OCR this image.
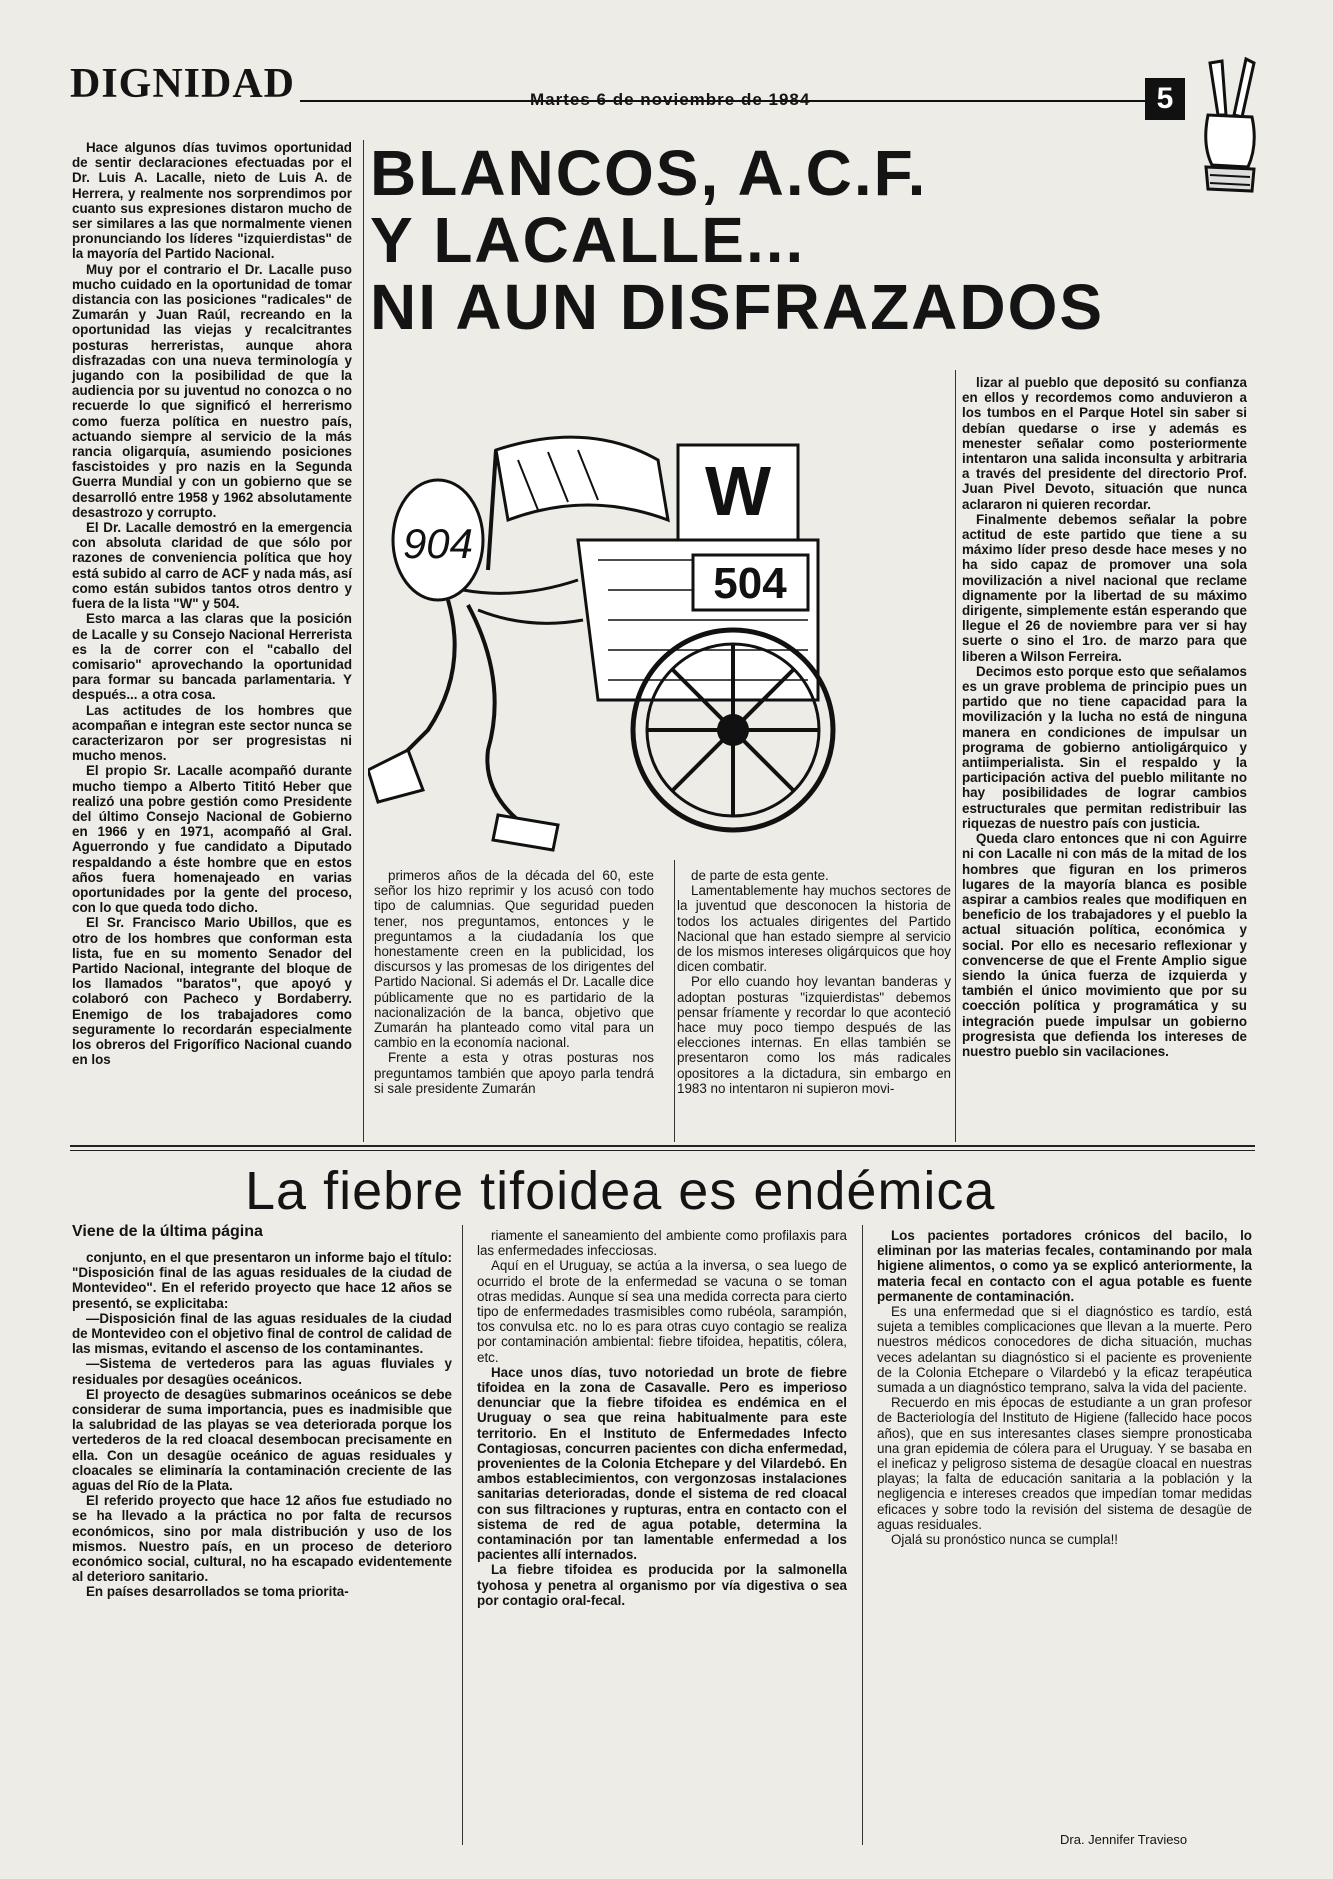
DIGNIDAD	Martes 6 de noviembre de 1984	5

Hace algunos días tuvimos oportunidad de sentir declaraciones efectuadas por el Dr. Luis A. Lacalle, nieto de Luis A. de Herrera, y realmente nos sorprendimos por cuanto sus expresiones distaron mucho de ser similares a las que normalmente vienen pronunciando los líderes "izquierdistas" de la mayoría del Partido Nacional.

Muy por el contrario el Dr. Lacalle puso mucho cuidado en la oportunidad de tomar distancia con las posiciones "radicales" de Zumarán y Juan Raúl, recreando en la oportunidad las viejas y recalcitrantes posturas herreristas, aunque ahora disfrazadas con una nueva terminología y jugando con la posibilidad de que la audiencia por su juventud no conozca o no recuerde lo que significó el herrerismo como fuerza política en nuestro país, actuando siempre al servicio de la más rancia oligarquía, asumiendo posiciones fascistoides y pro nazis en la Segunda Guerra Mundial y con un gobierno que se desarrolló entre 1958 y 1962 absolutamente desastrozo y corrupto.

El Dr. Lacalle demostró en la emergencia con absoluta claridad de que sólo por razones de conveniencia política que hoy está subido al carro de ACF y nada más, así como están subidos tantos otros dentro y fuera de la lista "W" y 504.

Esto marca a las claras que la posición de Lacalle y su Consejo Nacional Herrerista es la de correr con el "caballo del comisario" aprovechando la oportunidad para formar su bancada parlamentaria. Y después... a otra cosa.

Las actitudes de los hombres que acompañan e integran este sector nunca se caracterizaron por ser progresistas ni mucho menos.

El propio Sr. Lacalle acompañó durante mucho tiempo a Alberto Tititó Heber que realizó una pobre gestión como Presidente del último Consejo Nacional de Gobierno en 1966 y en 1971, acompañó al Gral. Aguerrondo y fue candidato a Diputado respaldando a éste hombre que en estos años fuera homenajeado en varias oportunidades por la gente del proceso, con lo que queda todo dicho.

El Sr. Francisco Mario Ubillos, que es otro de los hombres que conforman esta lista, fue en su momento Senador del Partido Nacional, integrante del bloque de los llamados "baratos", que apoyó y colaboró con Pacheco y Bordaberry. Enemigo de los trabajadores como seguramente lo recordarán especialmente los obreros del Frigorífico Nacional cuando en los

BLANCOS, A.C.F.
Y LACALLE...
NI AUN DISFRAZADOS
W
504
904

primeros años de la década del 60, este señor los hizo reprimir y los acusó con todo tipo de calumnias. Que seguridad pueden tener, nos preguntamos, entonces y le preguntamos a la ciudadanía los que honestamente creen en la publicidad, los discursos y las promesas de los dirigentes del Partido Nacional. Si además el Dr. Lacalle dice públicamente que no es partidario de la nacionalización de la banca, objetivo que Zumarán ha planteado como vital para un cambio en la economía nacional.

Frente a esta y otras posturas nos preguntamos también que apoyo parla tendrá si sale presidente Zumarán

de parte de esta gente.

Lamentablemente hay muchos sectores de la juventud que desconocen la historia de todos los actuales dirigentes del Partido Nacional que han estado siempre al servicio de los mismos intereses oligárquicos que hoy dicen combatir.

Por ello cuando hoy levantan banderas y adoptan posturas "izquierdistas" debemos pensar fríamente y recordar lo que aconteció hace muy poco tiempo después de las elecciones internas. En ellas también se presentaron como los más radicales opositores a la dictadura, sin embargo en 1983 no intentaron ni supieron movi-

lizar al pueblo que depositó su confianza en ellos y recordemos como anduvieron a los tumbos en el Parque Hotel sin saber si debían quedarse o irse y además es menester señalar como posteriormente intentaron una salida inconsulta y arbitraria a través del presidente del directorio Prof. Juan Pivel Devoto, situación que nunca aclararon ni quieren recordar.

Finalmente debemos señalar la pobre actitud de este partido que tiene a su máximo líder preso desde hace meses y no ha sido capaz de promover una sola movilización a nivel nacional que reclame dignamente por la libertad de su máximo dirigente, simplemente están esperando que llegue el 26 de noviembre para ver si hay suerte o sino el 1ro. de marzo para que liberen a Wilson Ferreira.

Decimos esto porque esto que señalamos es un grave problema de principio pues un partido que no tiene capacidad para la movilización y la lucha no está de ninguna manera en condiciones de impulsar un programa de gobierno antioligárquico y antiimperialista. Sin el respaldo y la participación activa del pueblo militante no hay posibilidades de lograr cambios estructurales que permitan redistribuir las riquezas de nuestro país con justicia.

Queda claro entonces que ni con Aguirre ni con Lacalle ni con más de la mitad de los hombres que figuran en los primeros lugares de la mayoría blanca es posible aspirar a cambios reales que modifiquen en beneficio de los trabajadores y el pueblo la actual situación política, económica y social. Por ello es necesario reflexionar y convencerse de que el Frente Amplio sigue siendo la única fuerza de izquierda y también el único movimiento que por su coección política y programática y su integración puede impulsar un gobierno progresista que defienda los intereses de nuestro pueblo sin vacilaciones.

La fiebre tifoidea es endémica
Viene de la última página

conjunto, en el que presentaron un informe bajo el título: "Disposición final de las aguas residuales de la ciudad de Montevideo". En el referido proyecto que hace 12 años se presentó, se explicitaba:

—Disposición final de las aguas residuales de la ciudad de Montevideo con el objetivo final de control de calidad de las mismas, evitando el ascenso de los contaminantes.

—Sistema de vertederos para las aguas fluviales y residuales por desagües oceánicos.

El proyecto de desagües submarinos oceánicos se debe considerar de suma importancia, pues es inadmisible que la salubridad de las playas se vea deteriorada porque los vertederos de la red cloacal desembocan precisamente en ella. Con un desagüe oceánico de aguas residuales y cloacales se eliminaría la contaminación creciente de las aguas del Río de la Plata.

El referido proyecto que hace 12 años fue estudiado no se ha llevado a la práctica no por falta de recursos económicos, sino por mala distribución y uso de los mismos. Nuestro país, en un proceso de deterioro económico social, cultural, no ha escapado evidentemente al deterioro sanitario.

En países desarrollados se toma priorita-

riamente el saneamiento del ambiente como profilaxis para las enfermedades infecciosas.

Aquí en el Uruguay, se actúa a la inversa, o sea luego de ocurrido el brote de la enfermedad se vacuna o se toman otras medidas. Aunque sí sea una medida correcta para cierto tipo de enfermedades trasmisibles como rubéola, sarampión, tos convulsa etc. no lo es para otras cuyo contagio se realiza por contaminación ambiental: fiebre tifoidea, hepatitis, cólera, etc.

Hace unos días, tuvo notoriedad un brote de fiebre tifoidea en la zona de Casavalle. Pero es imperioso denunciar que la fiebre tifoidea es endémica en el Uruguay o sea que reina habitualmente para este territorio. En el Instituto de Enfermedades Infecto Contagiosas, concurren pacientes con dicha enfermedad, provenientes de la Colonia Etchepare y del Vilardebó. En ambos establecimientos, con vergonzosas instalaciones sanitarias deterioradas, donde el sistema de red cloacal con sus filtraciones y rupturas, entra en contacto con el sistema de red de agua potable, determina la contaminación por tan lamentable enfermedad a los pacientes allí internados.

La fiebre tifoidea es producida por la salmonella tyohosa y penetra al organismo por vía digestiva o sea por contagio oral-fecal.

Los pacientes portadores crónicos del bacilo, lo eliminan por las materias fecales, contaminando por mala higiene alimentos, o como ya se explicó anteriormente, la materia fecal en contacto con el agua potable es fuente permanente de contaminación.

Es una enfermedad que si el diagnóstico es tardío, está sujeta a temibles complicaciones que llevan a la muerte. Pero nuestros médicos conocedores de dicha situación, muchas veces adelantan su diagnóstico si el paciente es proveniente de la Colonia Etchepare o Vilardebó y la eficaz terapéutica sumada a un diagnóstico temprano, salva la vida del paciente.

Recuerdo en mis épocas de estudiante a un gran profesor de Bacteriología del Instituto de Higiene (fallecido hace pocos años), que en sus interesantes clases siempre pronosticaba una gran epidemia de cólera para el Uruguay. Y se basaba en el ineficaz y peligroso sistema de desagüe cloacal en nuestras playas; la falta de educación sanitaria a la población y la negligencia e intereses creados que impedían tomar medidas eficaces y sobre todo la revisión del sistema de desagüe de aguas residuales.

Ojalá su pronóstico nunca se cumpla!!

Dra. Jennifer Travieso
